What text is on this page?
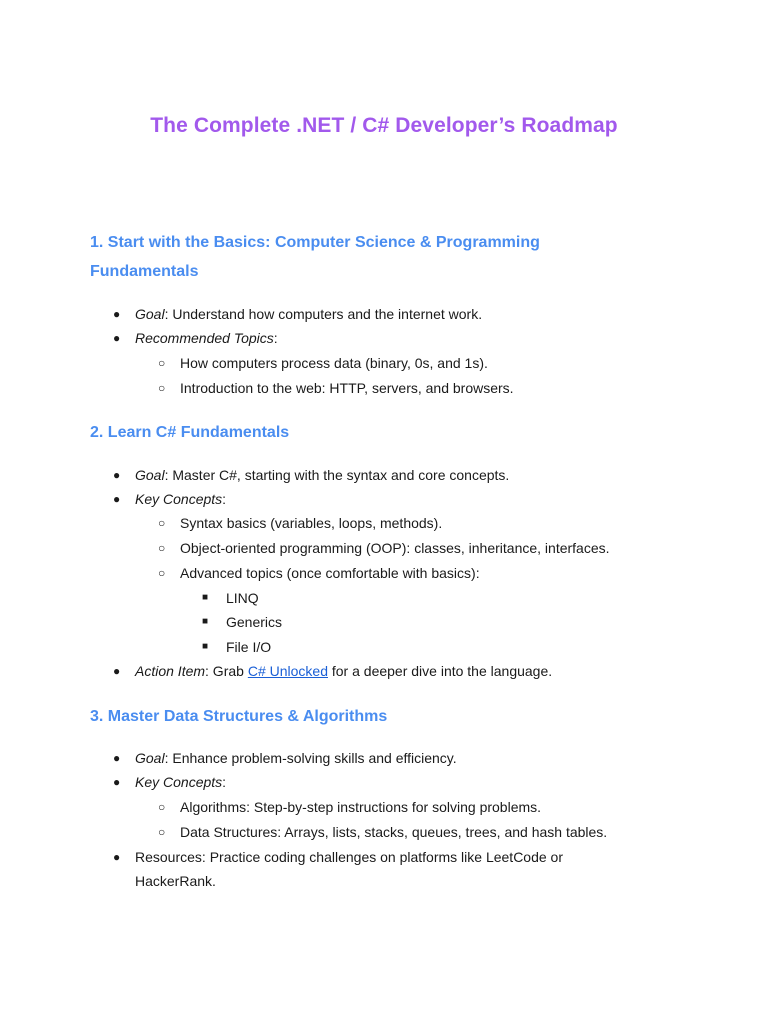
The Complete .NET / C# Developer’s Roadmap
1. Start with the Basics: Computer Science & Programming
Fundamentals
● Goal: Understand how computers and the internet work.
● Recommended Topics:
○ How computers process data (binary, 0s, and 1s).
○ Introduction to the web: HTTP, servers, and browsers.
2. Learn C# Fundamentals
● Goal: Master C#, starting with the syntax and core concepts.
● Key Concepts:
○ Syntax basics (variables, loops, methods).
○ Object-oriented programming (OOP): classes, inheritance, interfaces.
○ Advanced topics (once comfortable with basics):
■ LINQ
■ Generics
■ File I/O
● Action Item: Grab C# Unlocked for a deeper dive into the language.
3. Master Data Structures & Algorithms
● Goal: Enhance problem-solving skills and efficiency.
● Key Concepts:
○ Algorithms: Step-by-step instructions for solving problems.
○ Data Structures: Arrays, lists, stacks, queues, trees, and hash tables.
● Resources: Practice coding challenges on platforms like LeetCode or
HackerRank.
